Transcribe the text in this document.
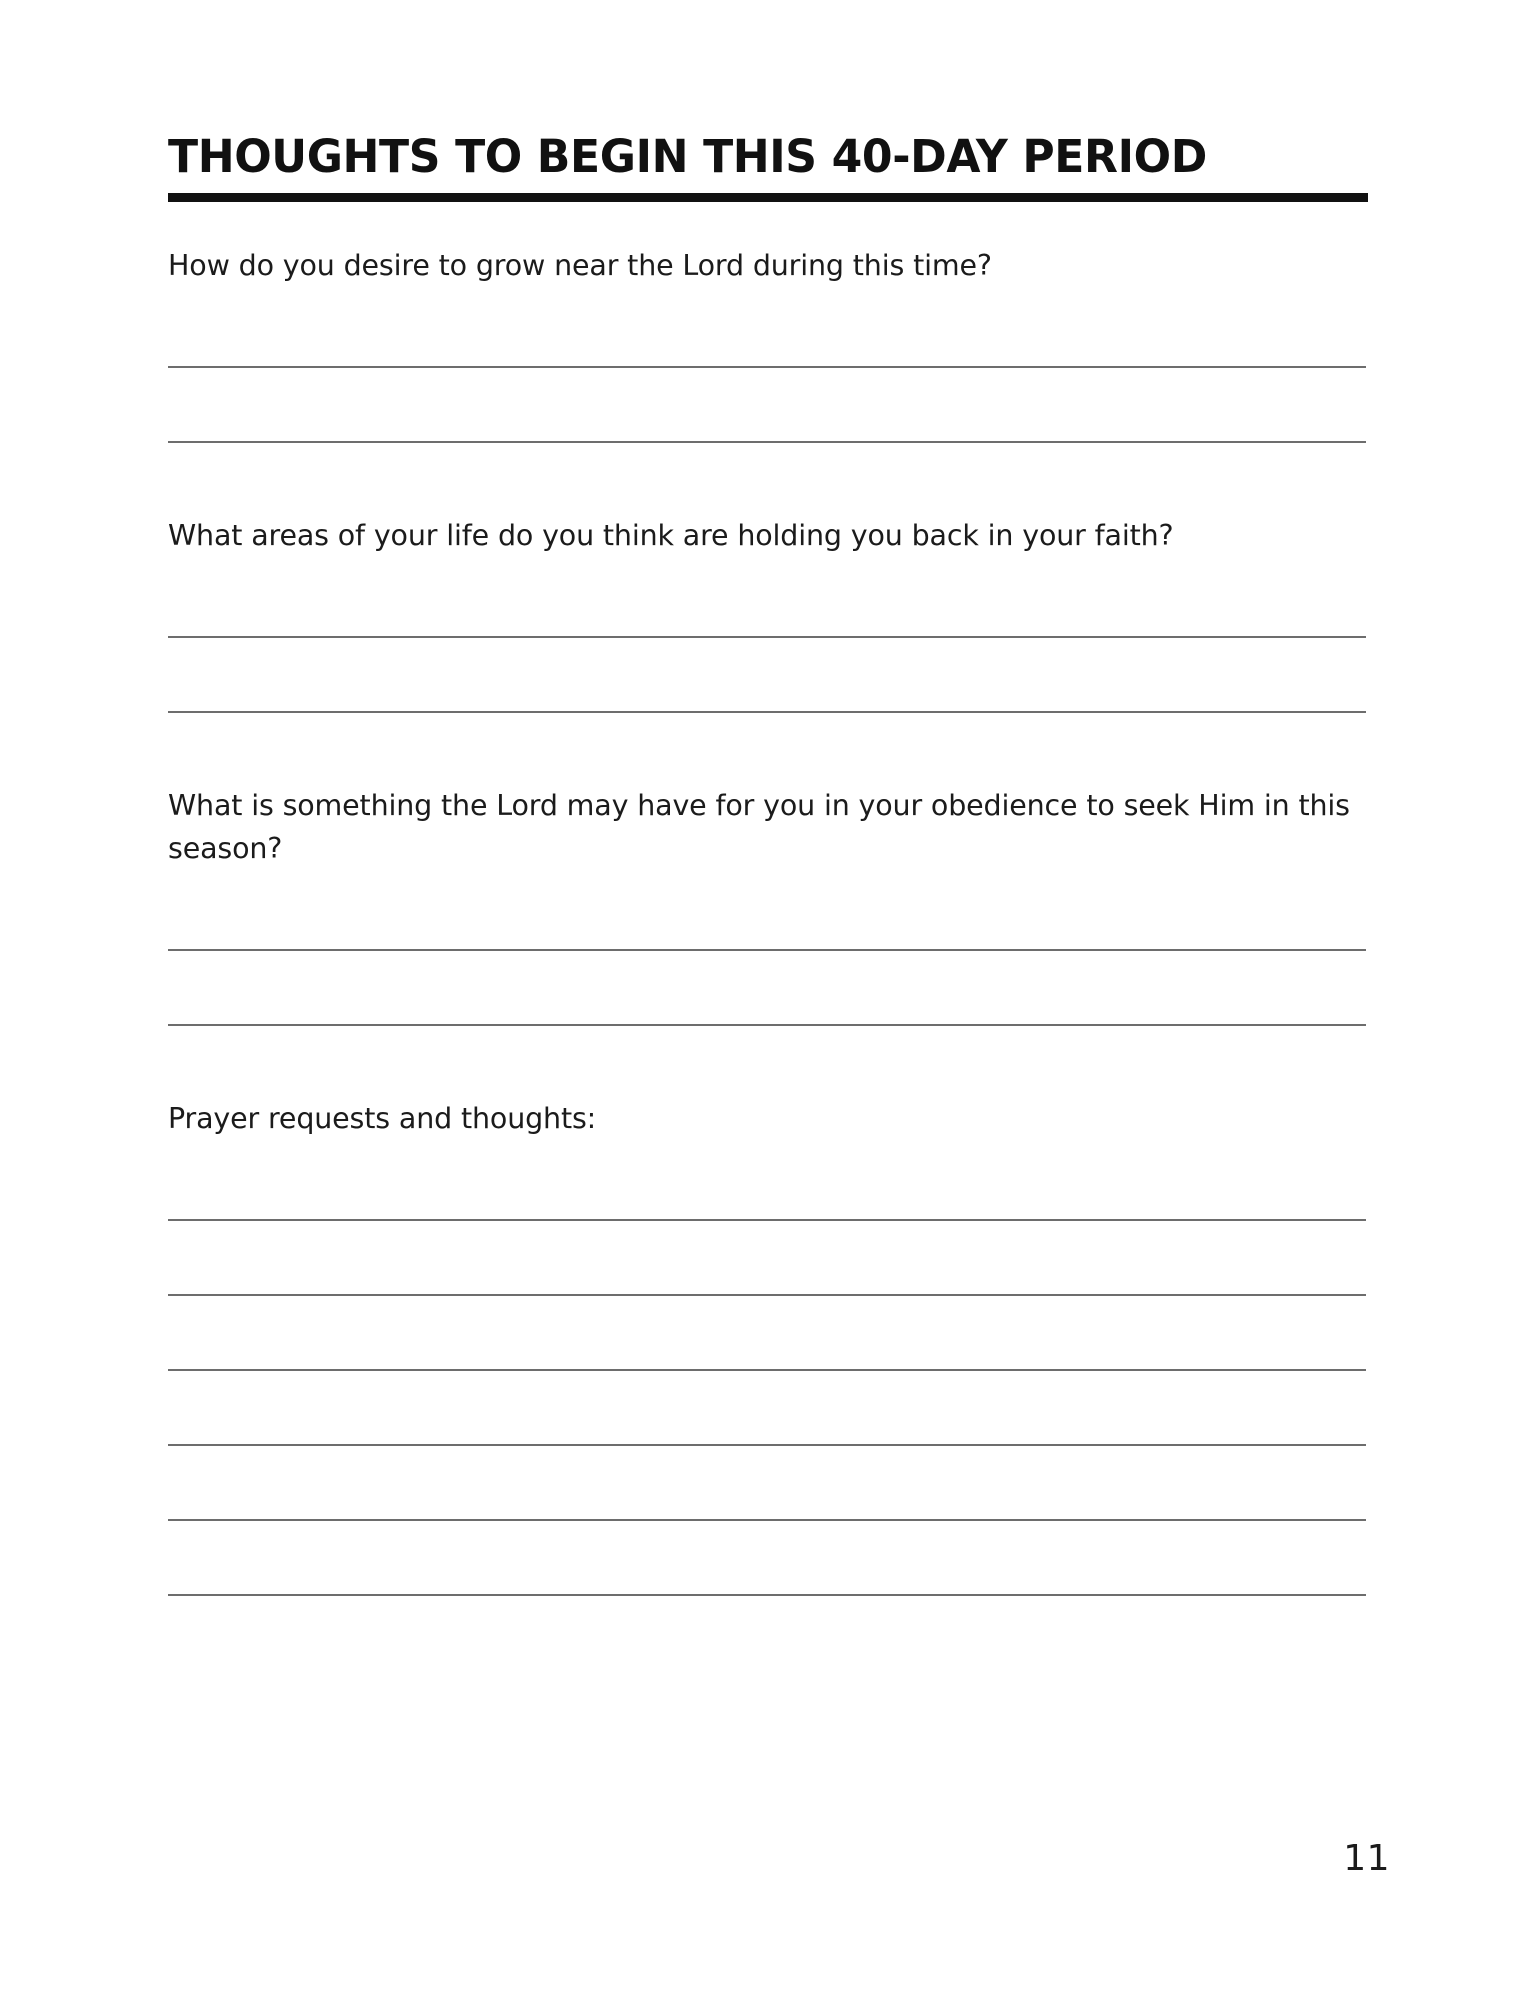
THOUGHTS TO BEGIN THIS 40-DAY PERIOD

How do you desire to grow near the Lord during this time?

What areas of your life do you think are holding you back in your faith?

What is something the Lord may have for you in your obedience to seek Him in this season?

Prayer requests and thoughts:

11
